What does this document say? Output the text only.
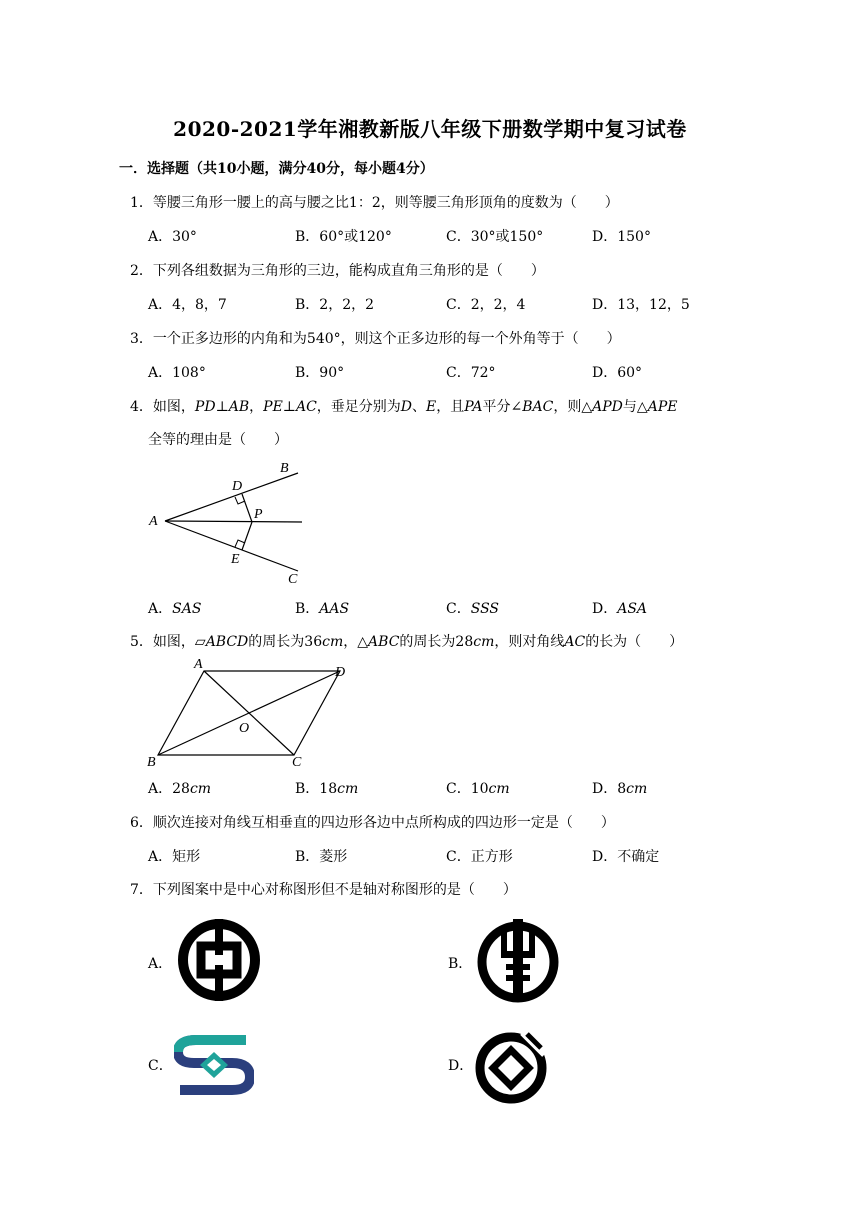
2020-2021学年湘教新版八年级下册数学期中复习试卷
一．选择题（共10小题，满分40分，每小题4分）
1．等腰三角形一腰上的高与腰之比1：2，则等腰三角形顶角的度数为（　　）
A．30°	B．60°或120°	C．30°或150°	D．150°
2．下列各组数据为三角形的三边，能构成直角三角形的是（　　）
A．4，8，7	B．2，2，2	C．2，2，4	D．13，12，5
3．一个正多边形的内角和为540°，则这个正多边形的每一个外角等于（　　）
A．108°	B．90°	C．72°	D．60°
4．如图，PD⊥AB，PE⊥AC，垂足分别为D、E，且PA平分∠BAC，则△APD与△APE
全等的理由是（　　）
A
B
C
D
E
P
A．SAS	B．AAS	C．SSS	D．ASA
5．如图，▱ABCD的周长为36cm，△ABC的周长为28cm，则对角线AC的长为（　　）
A
D
B	C
O
A．28cm	B．18cm	C．10cm	D．8cm
6．顺次连接对角线互相垂直的四边形各边中点所构成的四边形一定是（　　）
A．矩形	B．菱形	C．正方形	D．不确定
7．下列图案中是中心对称图形但不是轴对称图形的是（　　）
A．	B．
C．	D．
